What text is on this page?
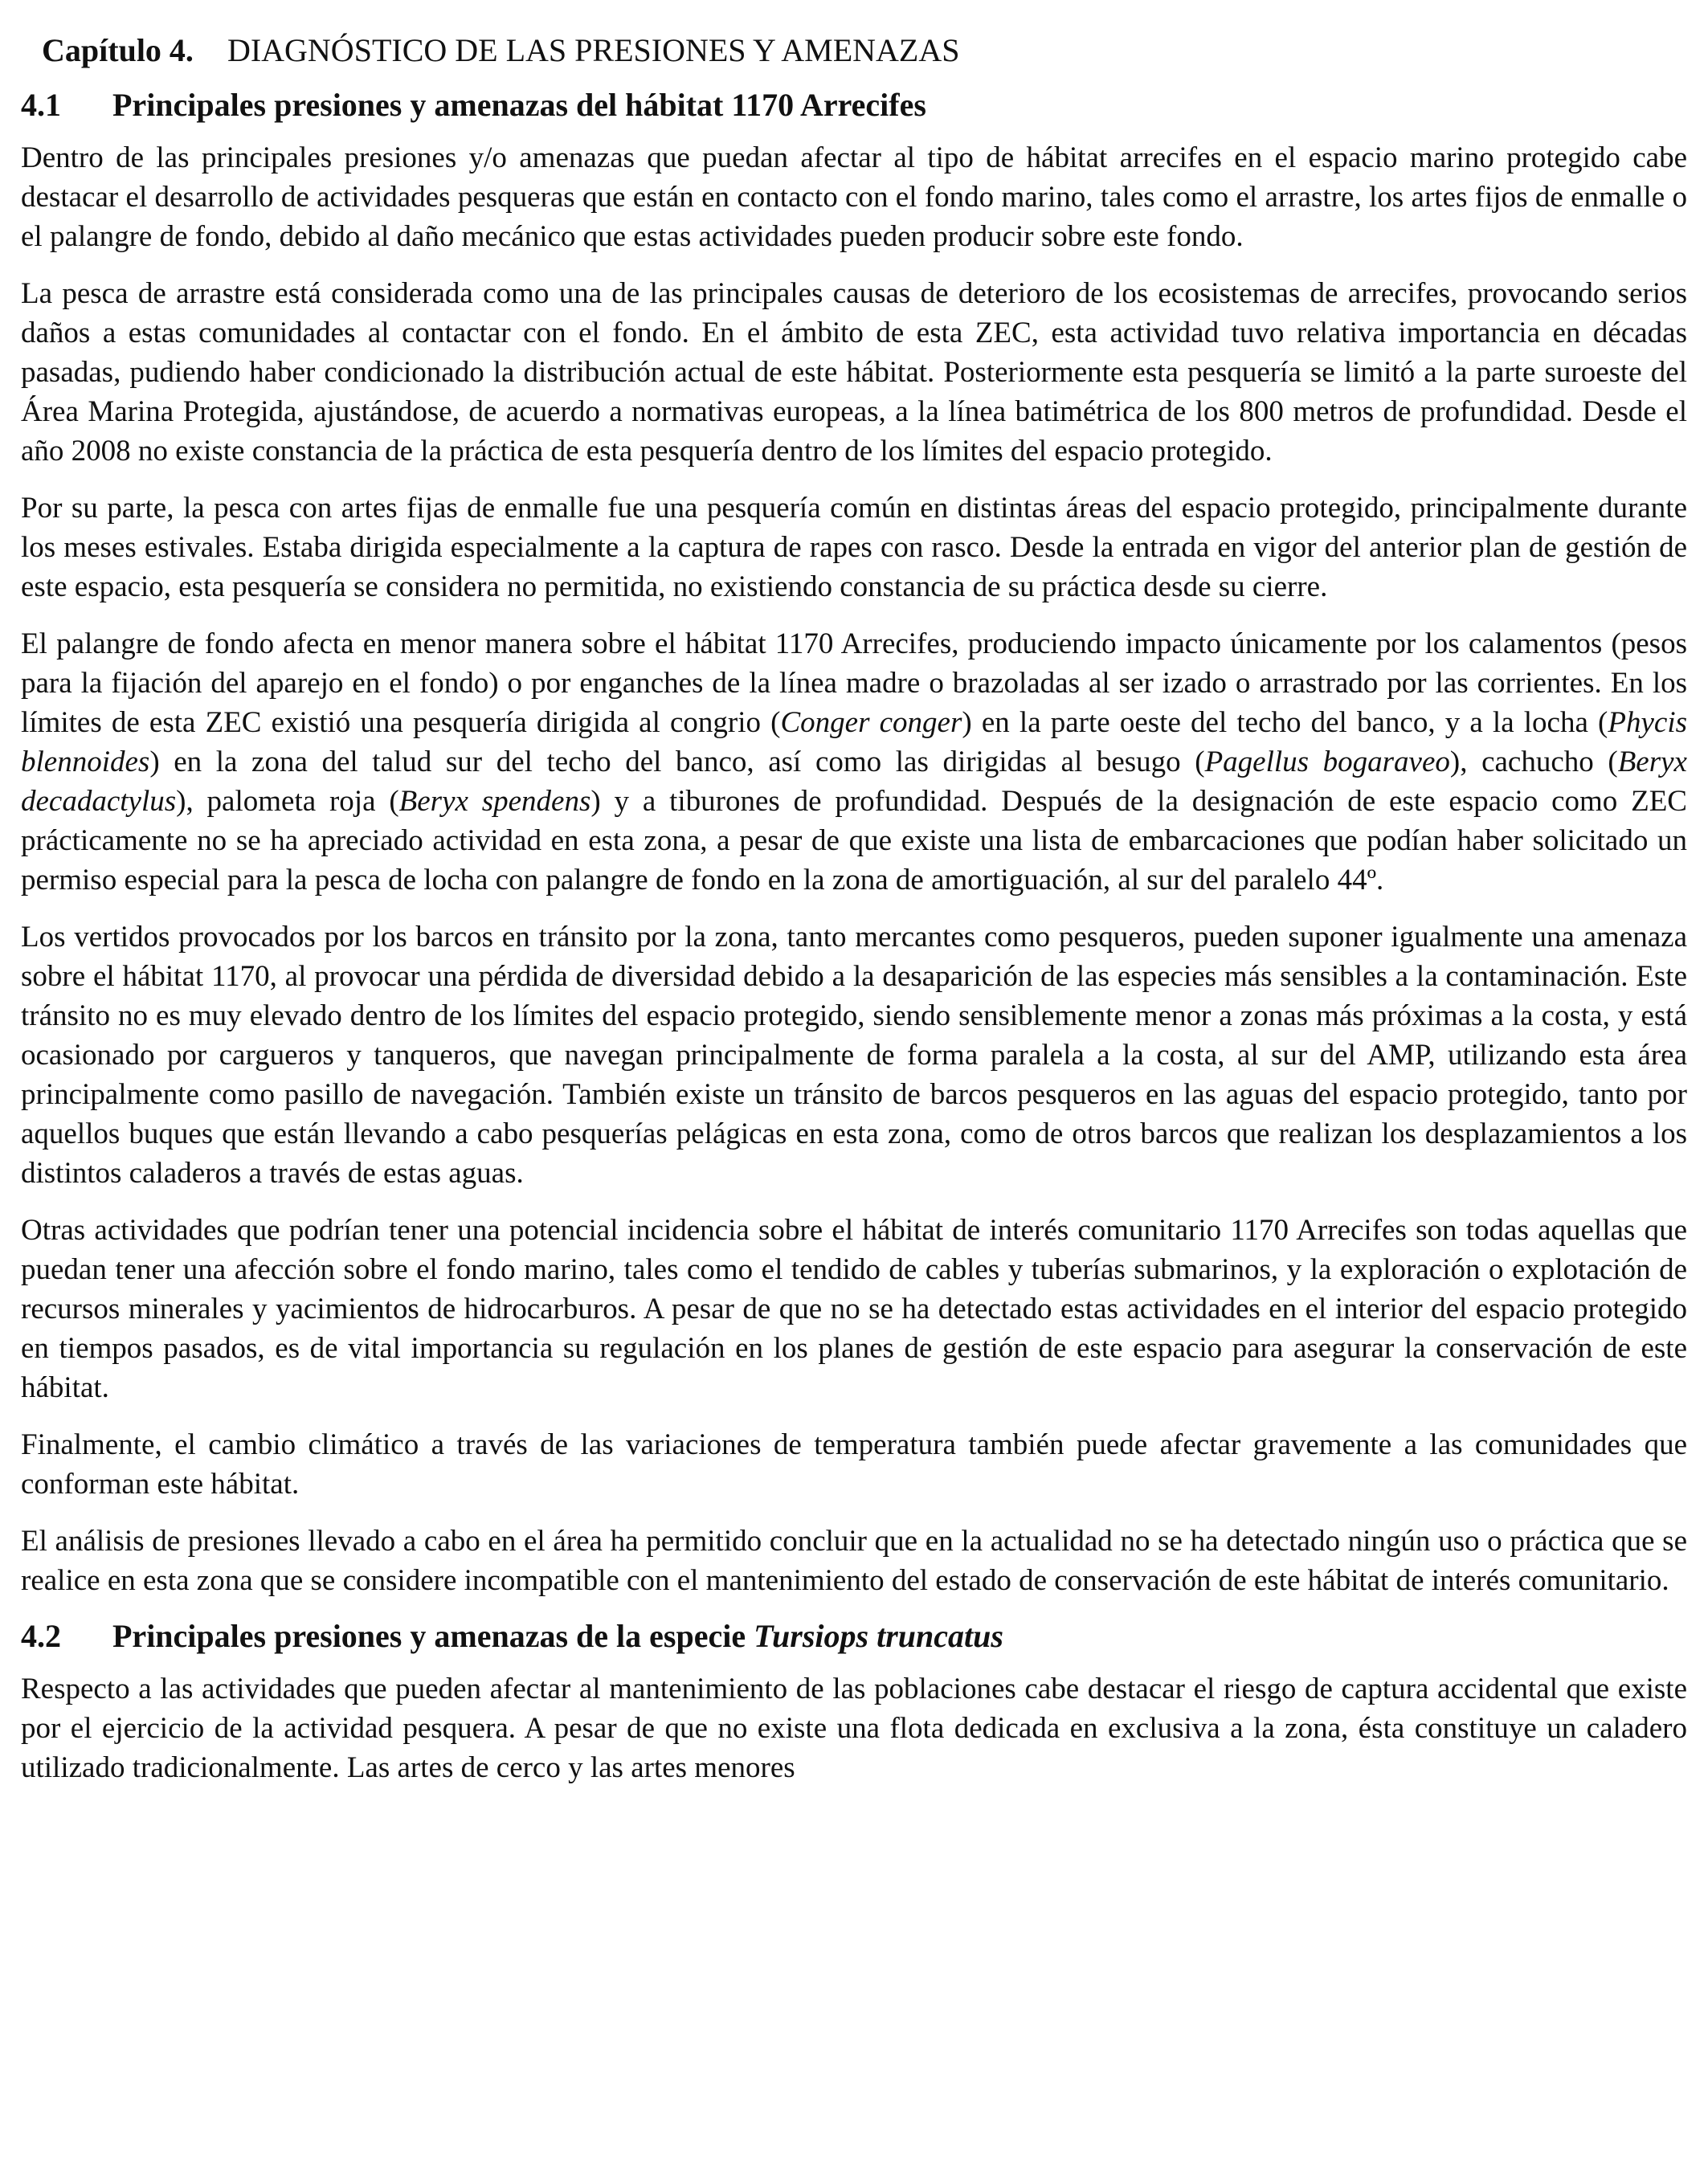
Capítulo 4. DIAGNÓSTICO DE LAS PRESIONES Y AMENAZAS
4.1 Principales presiones y amenazas del hábitat 1170 Arrecifes

Dentro de las principales presiones y/o amenazas que puedan afectar al tipo de hábitat arrecifes en el espacio marino protegido cabe destacar el desarrollo de actividades pesqueras que están en contacto con el fondo marino, tales como el arrastre, los artes fijos de enmalle o el palangre de fondo, debido al daño mecánico que estas actividades pueden producir sobre este fondo.

La pesca de arrastre está considerada como una de las principales causas de deterioro de los ecosistemas de arrecifes, provocando serios daños a estas comunidades al contactar con el fondo. En el ámbito de esta ZEC, esta actividad tuvo relativa importancia en décadas pasadas, pudiendo haber condicionado la distribución actual de este hábitat. Posteriormente esta pesquería se limitó a la parte suroeste del Área Marina Protegida, ajustándose, de acuerdo a normativas europeas, a la línea batimétrica de los 800 metros de profundidad. Desde el año 2008 no existe constancia de la práctica de esta pesquería dentro de los límites del espacio protegido.

Por su parte, la pesca con artes fijas de enmalle fue una pesquería común en distintas áreas del espacio protegido, principalmente durante los meses estivales. Estaba dirigida especialmente a la captura de rapes con rasco. Desde la entrada en vigor del anterior plan de gestión de este espacio, esta pesquería se considera no permitida, no existiendo constancia de su práctica desde su cierre.

El palangre de fondo afecta en menor manera sobre el hábitat 1170 Arrecifes, produciendo impacto únicamente por los calamentos (pesos para la fijación del aparejo en el fondo) o por enganches de la línea madre o brazoladas al ser izado o arrastrado por las corrientes. En los límites de esta ZEC existió una pesquería dirigida al congrio (Conger conger) en la parte oeste del techo del banco, y a la locha (Phycis blennoides) en la zona del talud sur del techo del banco, así como las dirigidas al besugo (Pagellus bogaraveo), cachucho (Beryx decadactylus), palometa roja (Beryx spendens) y a tiburones de profundidad. Después de la designación de este espacio como ZEC prácticamente no se ha apreciado actividad en esta zona, a pesar de que existe una lista de embarcaciones que podían haber solicitado un permiso especial para la pesca de locha con palangre de fondo en la zona de amortiguación, al sur del paralelo 44º.

Los vertidos provocados por los barcos en tránsito por la zona, tanto mercantes como pesqueros, pueden suponer igualmente una amenaza sobre el hábitat 1170, al provocar una pérdida de diversidad debido a la desaparición de las especies más sensibles a la contaminación. Este tránsito no es muy elevado dentro de los límites del espacio protegido, siendo sensiblemente menor a zonas más próximas a la costa, y está ocasionado por cargueros y tanqueros, que navegan principalmente de forma paralela a la costa, al sur del AMP, utilizando esta área principalmente como pasillo de navegación. También existe un tránsito de barcos pesqueros en las aguas del espacio protegido, tanto por aquellos buques que están llevando a cabo pesquerías pelágicas en esta zona, como de otros barcos que realizan los desplazamientos a los distintos caladeros a través de estas aguas.

Otras actividades que podrían tener una potencial incidencia sobre el hábitat de interés comunitario 1170 Arrecifes son todas aquellas que puedan tener una afección sobre el fondo marino, tales como el tendido de cables y tuberías submarinos, y la exploración o explotación de recursos minerales y yacimientos de hidrocarburos. A pesar de que no se ha detectado estas actividades en el interior del espacio protegido en tiempos pasados, es de vital importancia su regulación en los planes de gestión de este espacio para asegurar la conservación de este hábitat.

Finalmente, el cambio climático a través de las variaciones de temperatura también puede afectar gravemente a las comunidades que conforman este hábitat.

El análisis de presiones llevado a cabo en el área ha permitido concluir que en la actualidad no se ha detectado ningún uso o práctica que se realice en esta zona que se considere incompatible con el mantenimiento del estado de conservación de este hábitat de interés comunitario.

4.2 Principales presiones y amenazas de la especie Tursiops truncatus

Respecto a las actividades que pueden afectar al mantenimiento de las poblaciones cabe destacar el riesgo de captura accidental que existe por el ejercicio de la actividad pesquera. A pesar de que no existe una flota dedicada en exclusiva a la zona, ésta constituye un caladero utilizado tradicionalmente. Las artes de cerco y las artes menores
